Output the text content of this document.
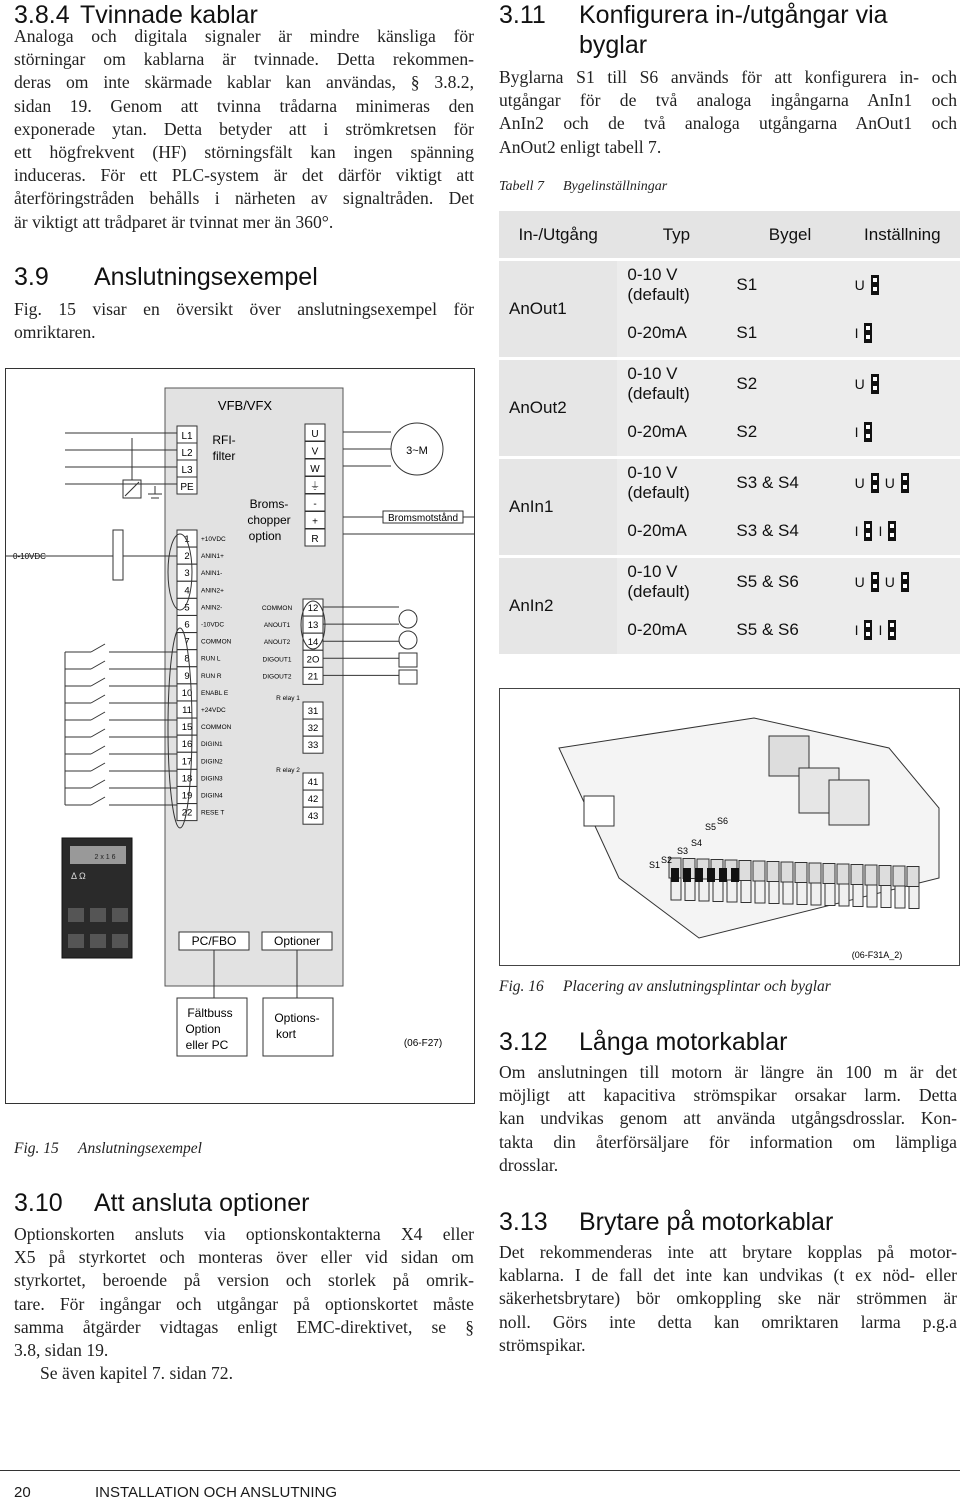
3.8.4 Tvinnade kablar
Analoga och digitala signaler är mindre känsliga för
störningar om kablarna är tvinnade. Detta rekommen-
deras om inte skärmade kablar kan användas, § 3.8.2,
sidan 19. Genom att tvinna trådarna minimeras den
exponerade ytan. Detta betyder att i strömkretsen för
ett högfrekvent (HF) störningsfält kan ingen spänning
induceras. För ett PLC-system är det därför viktigt att
återföringstråden behålls i närheten av signaltråden. Det
är viktigt att trådparet är tvinnat mer än 360°.
3.9 Anslutningsexempel
Fig. 15 visar en översikt över anslutningsexempel för
omriktaren.
VFB/VFX
RFI-
filter
Broms-
chopper
option
L1
L2
L3
PE
U
V
W
⏚
-
+
R
1 +10VDC
2 ANIN1+
3 ANIN1-
4 ANIN2+
5 ANIN2-
6 -10VDC
7 COMMON
8 RUN L
9 RUN R
10 ENABL E
11 +24VDC
15 COMMON
16 DIGIN1
17 DIGIN2
18 DIGIN3
19 DIGIN4
22 RESE T
12
COMMON
13
ANOUT1
14
ANOUT2
2O
DIGOUT1
21
DIGOUT2
R elay 1
31
32
33
R elay 2
41
42
43
3~M
Bromsmotstånd
0-10VDC
2 x 1 6
Δ Ω
PC/FBO	Optioner
Fältbuss
Option
eller PC
Options-
kort
(06-F27)
Fig. 15 Anslutningsexempel
3.10 Att ansluta optioner
Optionskorten ansluts via optionskontakterna X4 eller
X5 på styrkortet och monteras över eller vid sidan om
styrkortet, beroende på version och storlek på omrik-
tare. För ingångar och utgångar på optionskortet måste
samma åtgärder vidtagas enligt EMC-direktivet, se §
3.8, sidan 19.
Se även kapitel 7. sidan 72.
3.11 Konfigurera in-/utgångar via
byglar
Byglarna S1 till S6 används för att konfigurera in- och
utgångar för de två analoga ingångarna AnIn1 och
AnIn2 och de två analoga utgångarna AnOut1 och
AnOut2 enligt tabell 7.
Tabell 7 Bygelinställningar
In-/Utgång	Typ	Bygel	Inställning
AnOut1	0-10 V
(default)	S1	U

	0-20mA	S1	I
AnOut2	0-10 V
(default)	S2	U

	0-20mA	S2	I
AnIn1	0-10 V
(default)	S3 & S4	U U

	0-20mA	S3 & S4	I I
AnIn2	0-10 V
(default)	S5 & S6	U U

	0-20mA	S5 & S6	I I
S1 S2
S3
S4
S5
S6
(06-F31A_2)
Fig. 16 Placering av anslutningsplintar och byglar
3.12 Långa motorkablar
Om anslutningen till motorn är längre än 100 m är det
möjligt att kapacitiva strömspikar orsakar larm. Detta
kan undvikas genom att använda utgångsdrosslar. Kon-
takta din återförsäljare för information om lämpliga
drosslar.
3.13 Brytare på motorkablar
Det rekommenderas inte att brytare kopplas på motor-
kablarna. I de fall det inte kan undvikas (t ex nöd- eller
säkerhetsbrytare) bör omkoppling ske när strömmen är
noll. Görs inte detta kan omriktaren larma p.g.a
strömspikar.
20	INSTALLATION OCH ANSLUTNING
